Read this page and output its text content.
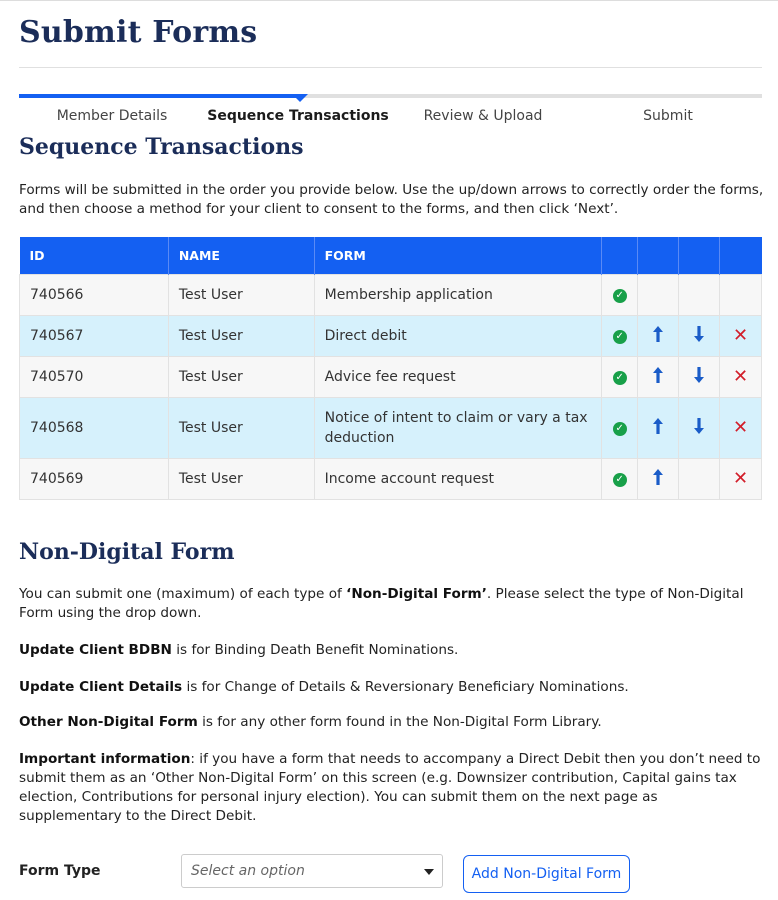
Submit Forms
Member Details	Sequence Transactions Review & Upload	Submit
Sequence Transactions
Forms will be submitted in the order you provide below. Use the up/down arrows to correctly order the forms, and then choose a method for your client to consent to the forms, and then click ‘Next’.
ID	NAME	FORM				
740566	Test User	Membership application	✓			
740567	Test User	Direct debit	✓			✕
740570	Test User	Advice fee request	✓			✕
740568	Test User	Notice of intent to claim or vary a tax deduction	✓			✕
740569	Test User	Income account request	✓			✕
Non-Digital Form
You can submit one (maximum) of each type of ‘Non-Digital Form’. Please select the type of Non-Digital Form using the drop down.
Update Client BDBN is for Binding Death Benefit Nominations.
Update Client Details is for Change of Details & Reversionary Beneficiary Nominations.
Other Non-Digital Form is for any other form found in the Non-Digital Form Library.
Important information: if you have a form that needs to accompany a Direct Debit then you don’t need to submit them as an ‘Other Non-Digital Form’ on this screen (e.g. Downsizer contribution, Capital gains tax election, Contributions for personal injury election). You can submit them on the next page as supplementary to the Direct Debit.
Form Type	Select an option	Add Non-Digital Form
